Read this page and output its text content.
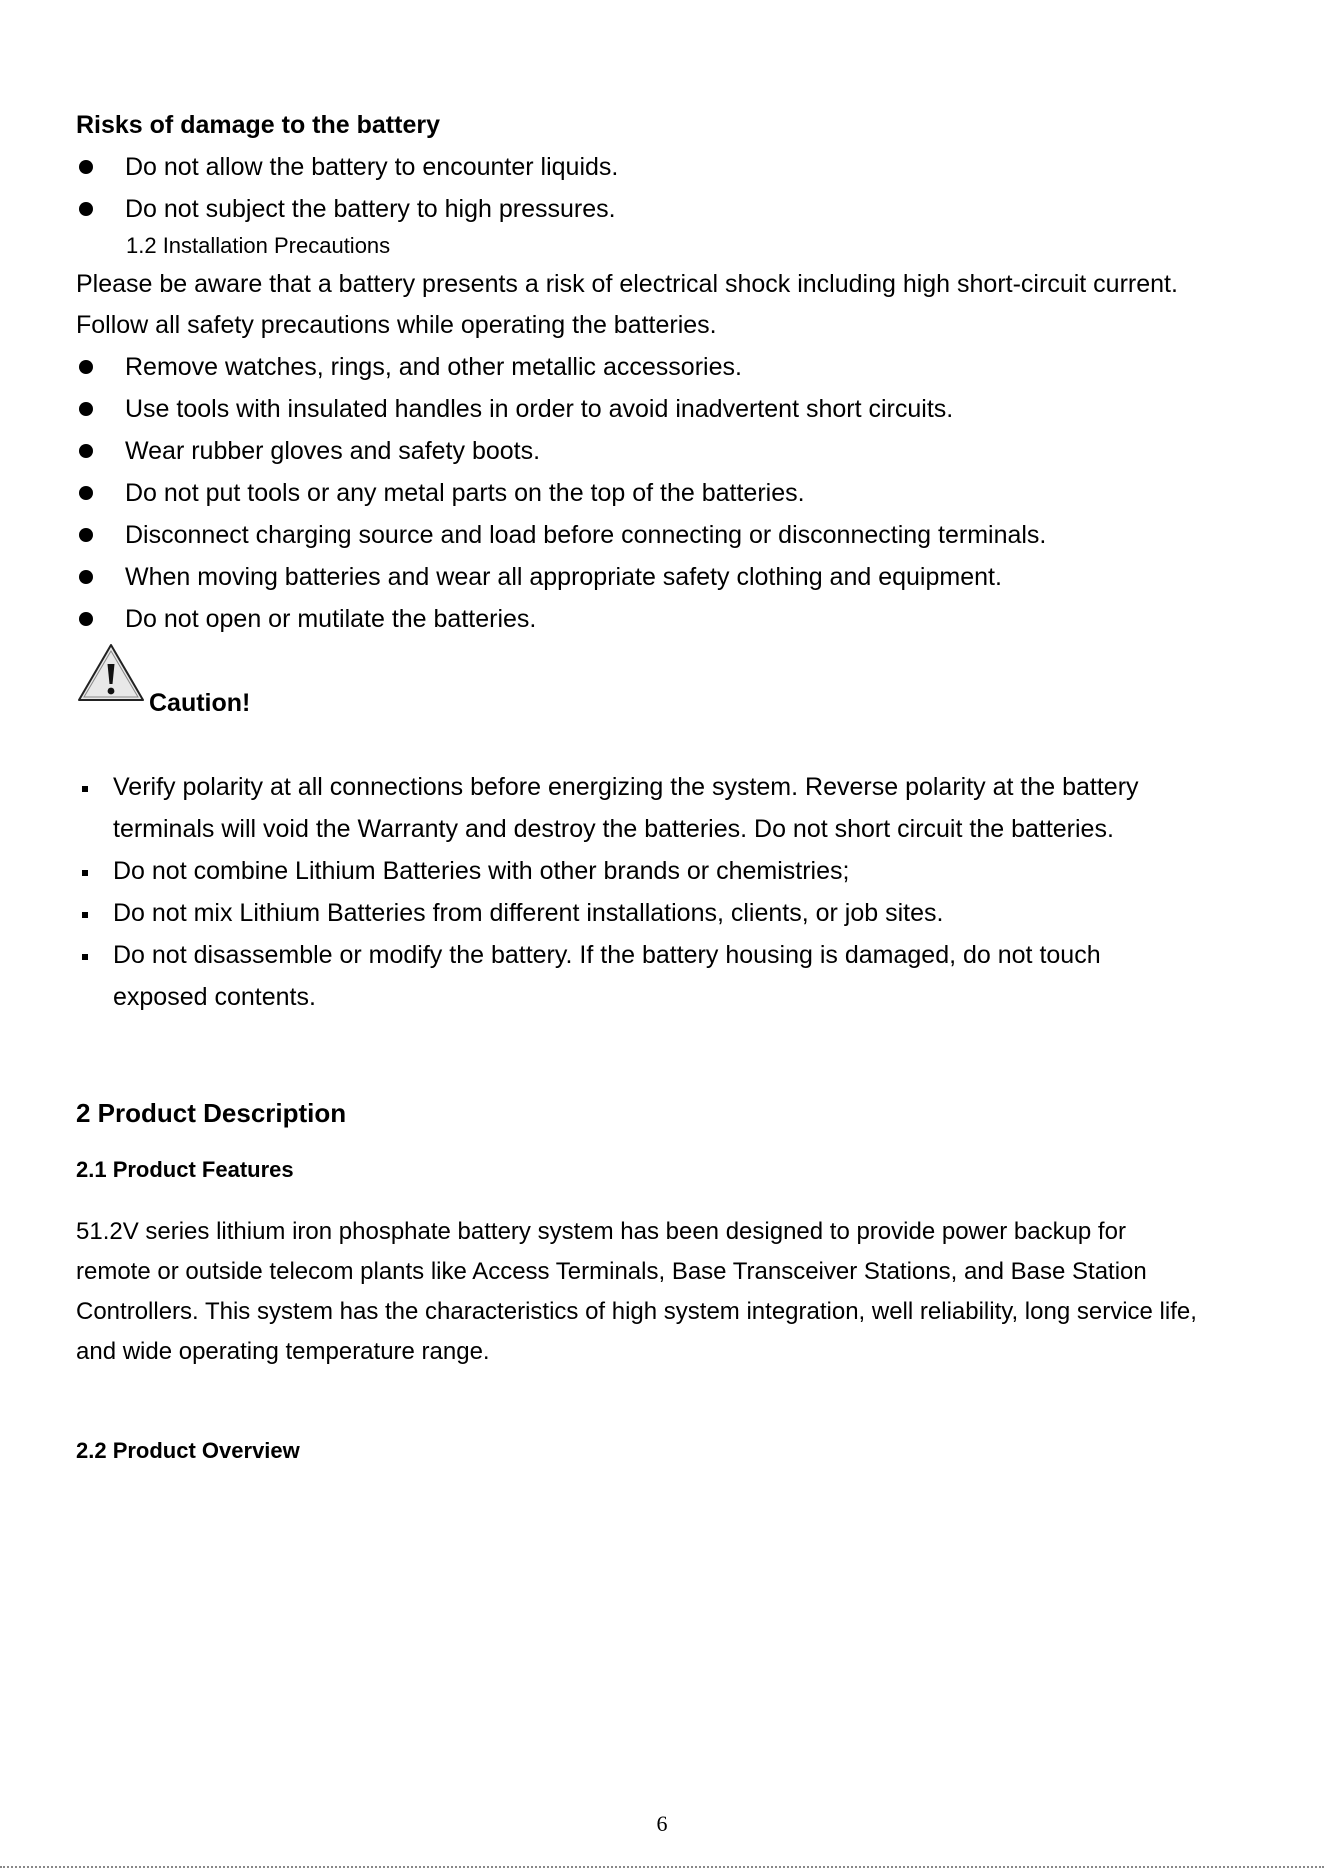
Risks of damage to the battery
Do not allow the battery to encounter liquids.
Do not subject the battery to high pressures.
1.2 Installation Precautions
Please be aware that a battery presents a risk of electrical shock including high short-circuit current.
Follow all safety precautions while operating the batteries.
Remove watches, rings, and other metallic accessories.
Use tools with insulated handles in order to avoid inadvertent short circuits.
Wear rubber gloves and safety boots.
Do not put tools or any metal parts on the top of the batteries.
Disconnect charging source and load before connecting or disconnecting terminals.
When moving batteries and wear all appropriate safety clothing and equipment.
Do not open or mutilate the batteries.
Caution!
Verify polarity at all connections before energizing the system. Reverse polarity at the battery
terminals will void the Warranty and destroy the batteries. Do not short circuit the batteries.
Do not combine Lithium Batteries with other brands or chemistries;
Do not mix Lithium Batteries from different installations, clients, or job sites.
Do not disassemble or modify the battery. If the battery housing is damaged, do not touch
exposed contents.
2 Product Description
2.1 Product Features
51.2V series lithium iron phosphate battery system has been designed to provide power backup for
remote or outside telecom plants like Access Terminals, Base Transceiver Stations, and Base Station
Controllers. This system has the characteristics of high system integration, well reliability, long service life,
and wide operating temperature range.
2.2 Product Overview
6
